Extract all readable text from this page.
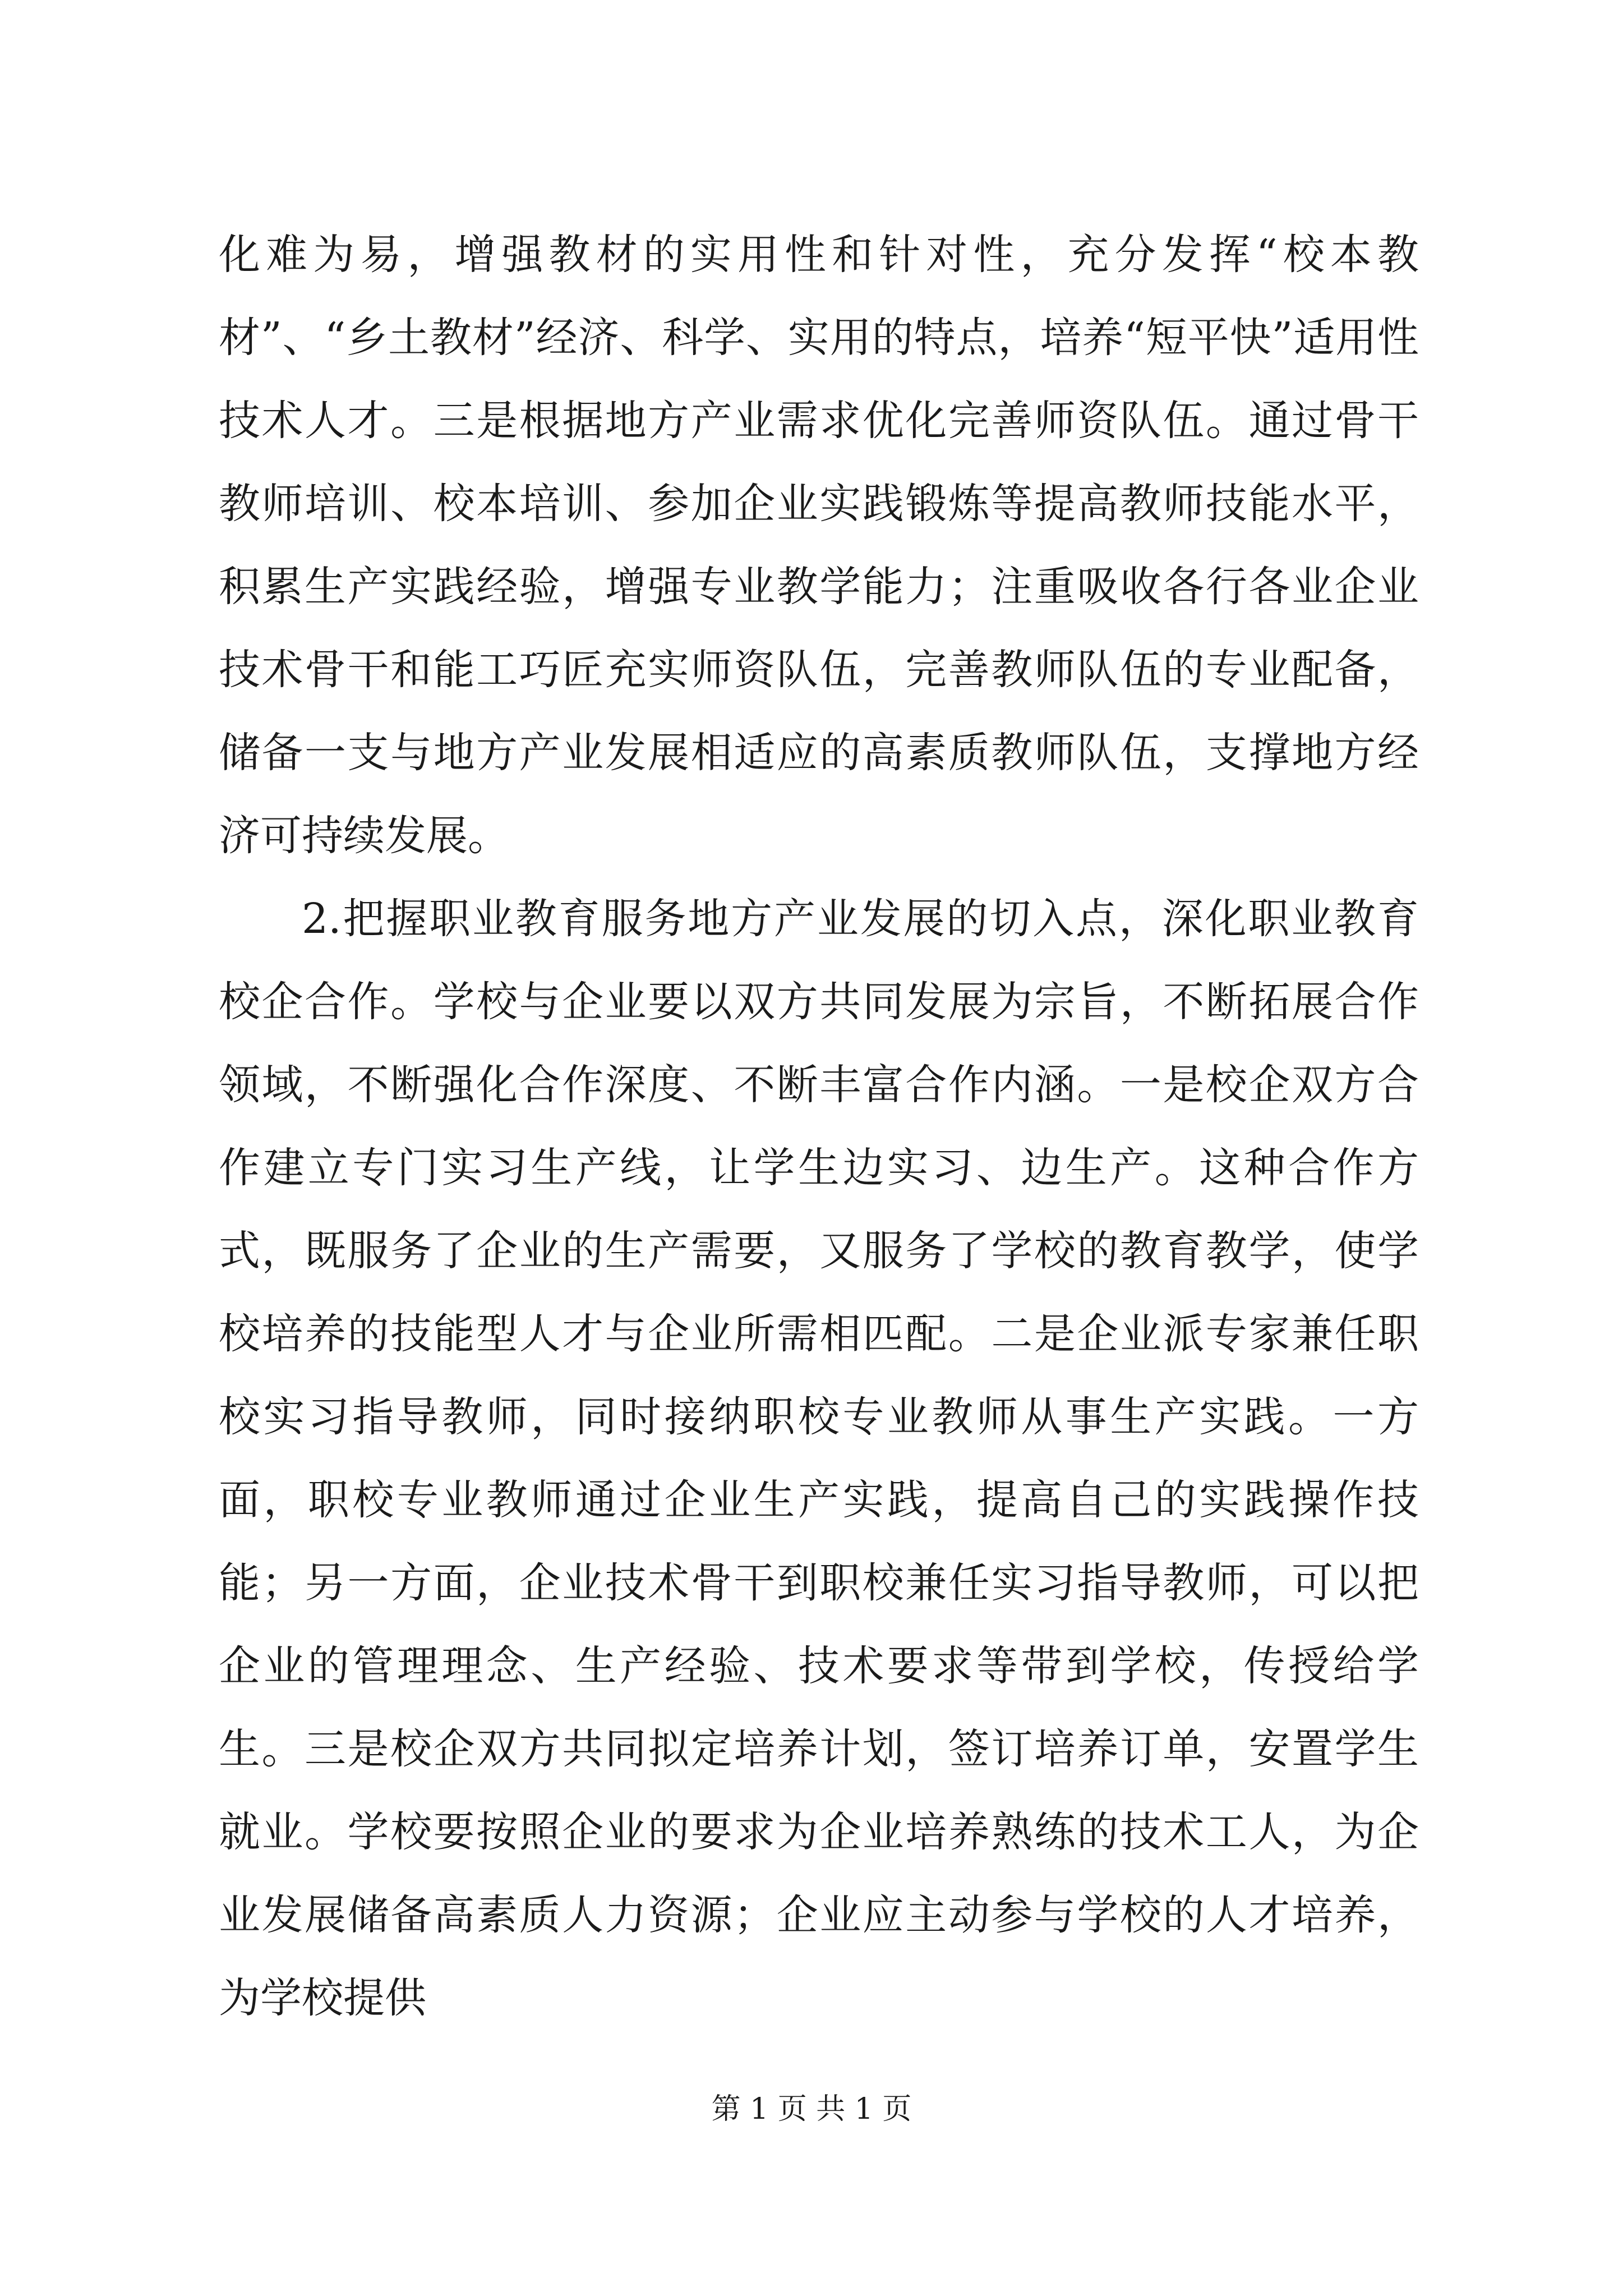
化难为易，增强教材的实用性和针对性，充分发挥“校本教材”、“乡土教材”经济、科学、实用的特点，培养“短平快”适用性技术人才。三是根据地方产业需求优化完善师资队伍。通过骨干教师培训、校本培训、参加企业实践锻炼等提高教师技能水平，积累生产实践经验，增强专业教学能力；注重吸收各行各业企业技术骨干和能工巧匠充实师资队伍，完善教师队伍的专业配备，储备一支与地方产业发展相适应的高素质教师队伍，支撑地方经济可持续发展。

2.把握职业教育服务地方产业发展的切入点，深化职业教育校企合作。学校与企业要以双方共同发展为宗旨，不断拓展合作领域，不断强化合作深度、不断丰富合作内涵。一是校企双方合作建立专门实习生产线，让学生边实习、边生产。这种合作方式，既服务了企业的生产需要，又服务了学校的教育教学，使学校培养的技能型人才与企业所需相匹配。二是企业派专家兼任职校实习指导教师，同时接纳职校专业教师从事生产实践。一方面，职校专业教师通过企业生产实践，提高自己的实践操作技能；另一方面，企业技术骨干到职校兼任实习指导教师，可以把企业的管理理念、生产经验、技术要求等带到学校，传授给学生。三是校企双方共同拟定培养计划，签订培养订单，安置学生就业。学校要按照企业的要求为企业培养熟练的技术工人，为企业发展储备高素质人力资源；企业应主动参与学校的人才培养，为学校提供

第 1 页 共 1 页
